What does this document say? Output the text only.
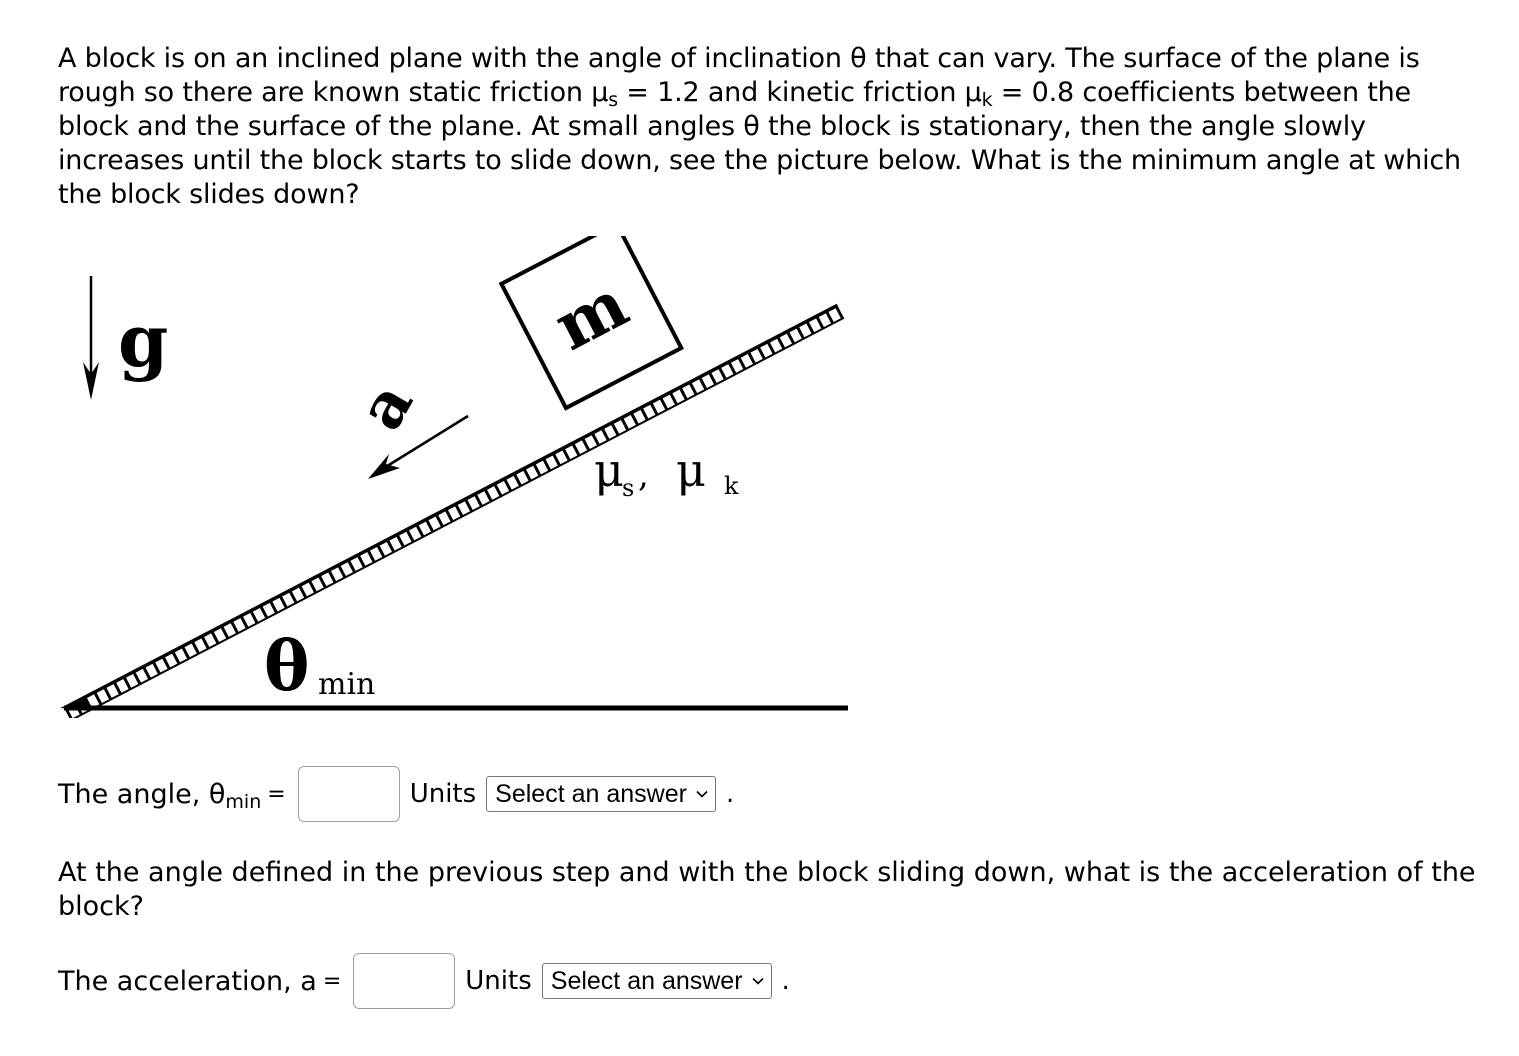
A block is on an inclined plane with the angle of inclination θ that can vary. The surface of the plane is rough so there are known static friction $\mu_s = 1.2$ and kinetic friction $\mu_k = 0.8$ coefficients between the block and the surface of the plane. At small angles θ the block is stationary, then the angle slowly increases until the block starts to slide down, see the picture below. What is the minimum angle at which the block slides down?
g	m
a
μ
s , μ k
θ min
The angle, $\theta_{min}$ =	Units Select an answer .
At the angle defined in the previous step and with the block sliding down, what is the acceleration of the block?
The acceleration, a =	Units Select an answer .
